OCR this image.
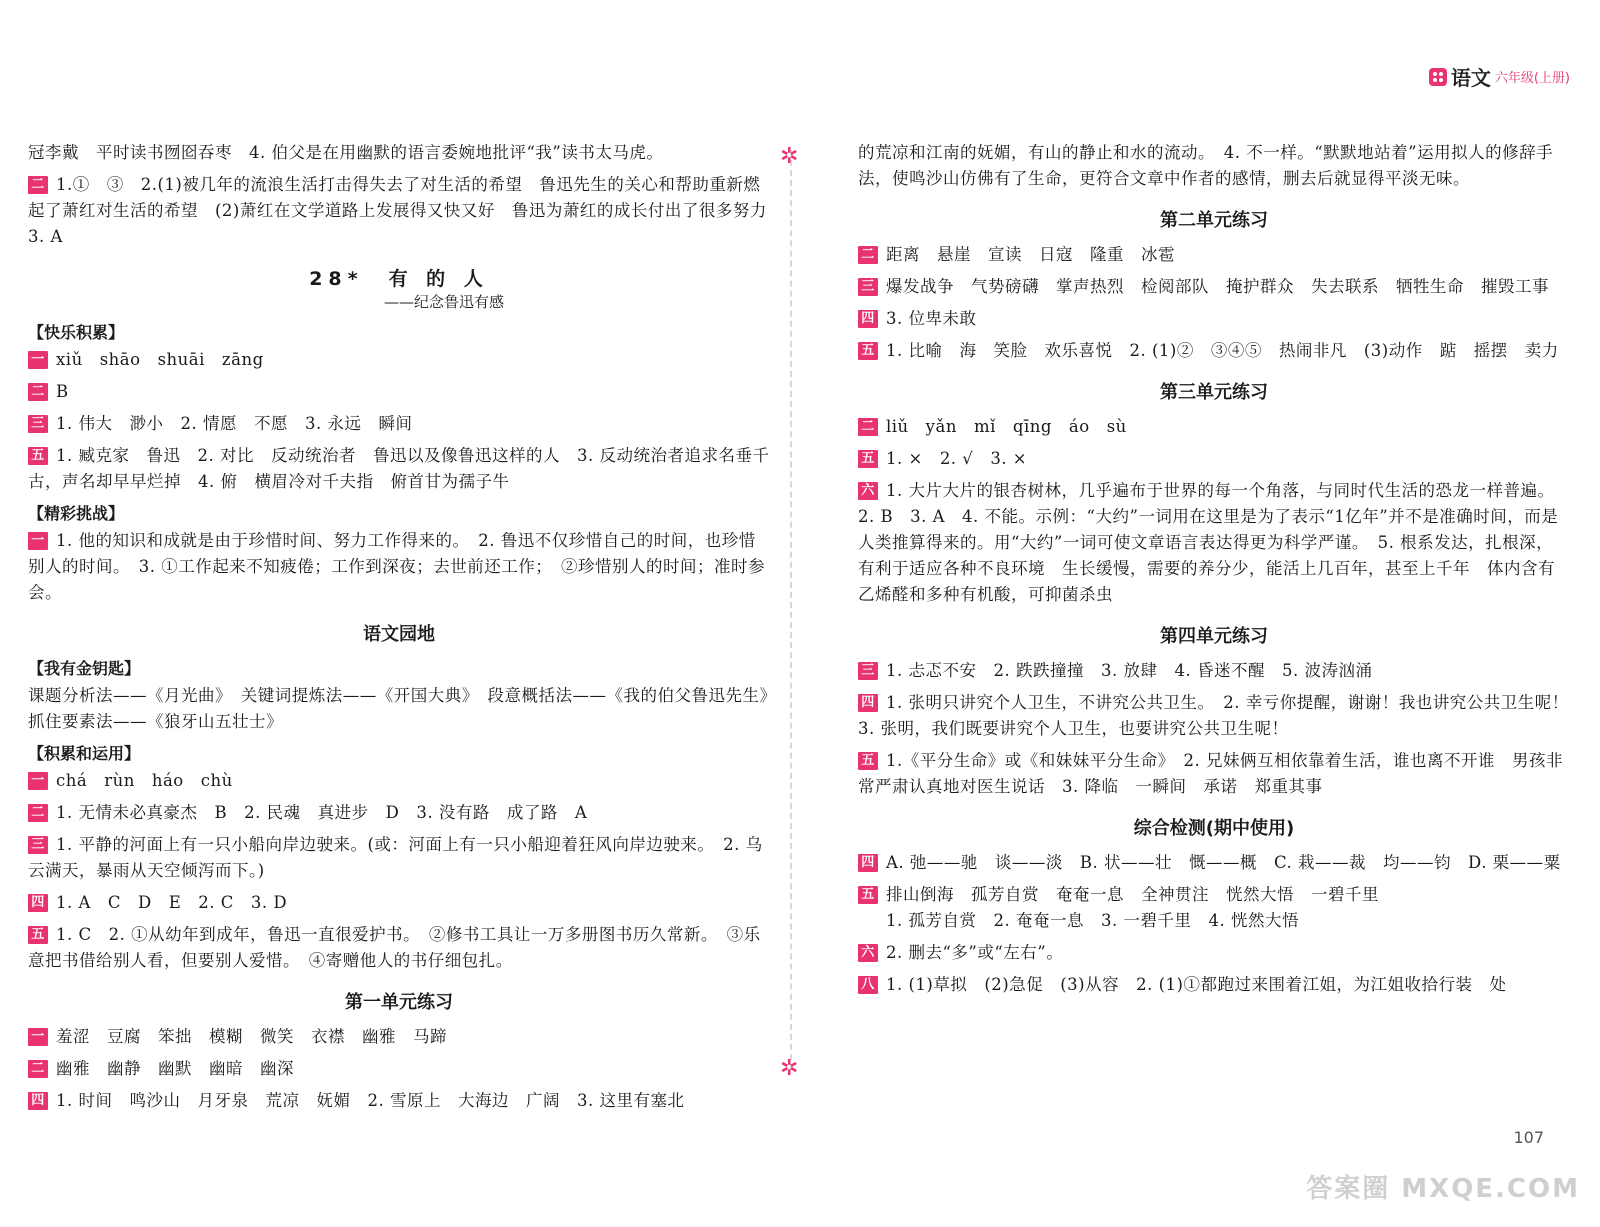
语文 六年级(上册)

冠李戴　平时读书囫囵吞枣　4. 伯父是在用幽默的语言委婉地批评“我”读书太马虎。

二 1.①　③　2.(1)被几年的流浪生活打击得失去了对生活的希望　鲁迅先生的关心和帮助重新燃起了萧红对生活的希望　(2)萧红在文学道路上发展得又快又好　鲁迅为萧红的成长付出了很多努力　3. A

28*　有 的 人
——纪念鲁迅有感
【快乐积累】

一 xiǔ　shāo　shuāi　zāng

二 B

三 1. 伟大　渺小　2. 情愿　不愿　3. 永远　瞬间

五 1. 臧克家　鲁迅　2. 对比　反动统治者　鲁迅以及像鲁迅这样的人　3. 反动统治者追求名垂千古，声名却早早烂掉　4. 俯　横眉冷对千夫指　俯首甘为孺子牛

【精彩挑战】

一 1. 他的知识和成就是由于珍惜时间、努力工作得来的。　2. 鲁迅不仅珍惜自己的时间，也珍惜别人的时间。　3. ①工作起来不知疲倦；工作到深夜；去世前还工作；　②珍惜别人的时间；准时参会。

语文园地
【我有金钥匙】

课题分析法——《月光曲》　关键词提炼法——《开国大典》　段意概括法——《我的伯父鲁迅先生》　抓住要素法——《狼牙山五壮士》

【积累和运用】

一 chá　rùn　háo　chù

二 1. 无情未必真豪杰　B　2. 民魂　真进步　D　3. 没有路　成了路　A

三 1. 平静的河面上有一只小船向岸边驶来。(或：河面上有一只小船迎着狂风向岸边驶来。　2. 乌云满天，暴雨从天空倾泻而下。)

四 1. A　C　D　E　2. C　3. D

五 1. C　2. ①从幼年到成年，鲁迅一直很爱护书。　②修书工具让一万多册图书历久常新。　③乐意把书借给别人看，但要别人爱惜。　④寄赠他人的书仔细包扎。

第一单元练习

一 羞涩　豆腐　笨拙　模糊　微笑　衣襟　幽雅　马蹄

二 幽雅　幽静　幽默　幽暗　幽深

四 1. 时间　鸣沙山　月牙泉　荒凉　妩媚　2. 雪原上　大海边　广阔　3. 这里有塞北

✲
✲

的荒凉和江南的妩媚，有山的静止和水的流动。　4. 不一样。“默默地站着”运用拟人的修辞手法，使鸣沙山仿佛有了生命，更符合文章中作者的感情，删去后就显得平淡无味。

第二单元练习

二 距离　悬崖　宣读　日寇　隆重　冰雹

三 爆发战争　气势磅礴　掌声热烈　检阅部队　掩护群众　失去联系　牺牲生命　摧毁工事

四 3. 位卑未敢

五 1. 比喻　海　笑脸　欢乐喜悦　2. (1)②　③④⑤　热闹非凡　(3)动作　踮　摇摆　卖力

第三单元练习

二 liǔ　yǎn　mǐ　qīng　áo　sù

五 1. ×　2. √　3. ×

六 1. 大片大片的银杏树林，几乎遍布于世界的每一个角落，与同时代生活的恐龙一样普遍。　2. B　3. A　4. 不能。示例：“大约”一词用在这里是为了表示“1亿年”并不是准确时间，而是人类推算得来的。用“大约”一词可使文章语言表达得更为科学严谨。　5. 根系发达，扎根深，有利于适应各种不良环境　生长缓慢，需要的养分少，能活上几百年，甚至上千年　体内含有乙烯醛和多种有机酸，可抑菌杀虫

第四单元练习

三 1. 忐忑不安　2. 跌跌撞撞　3. 放肆　4. 昏迷不醒　5. 波涛汹涌

四 1. 张明只讲究个人卫生，不讲究公共卫生。　2. 幸亏你提醒，谢谢！我也讲究公共卫生呢！　3. 张明，我们既要讲究个人卫生，也要讲究公共卫生呢！

五 1.《平分生命》或《和妹妹平分生命》　2. 兄妹俩互相依靠着生活，谁也离不开谁　男孩非常严肃认真地对医生说话　3. 降临　一瞬间　承诺　郑重其事

综合检测(期中使用)

四 A. 弛——驰　谈——淡　B. 状——壮　慨——概　C. 栽——裁　均——钧　D. 栗——粟

五 排山倒海　孤芳自赏　奄奄一息　全神贯注　恍然大悟　一碧千里
1. 孤芳自赏　2. 奄奄一息　3. 一碧千里　4. 恍然大悟

六 2. 删去“多”或“左右”。

八 1. (1)草拟　(2)急促　(3)从容　2. (1)①都跑过来围着江姐，为江姐收拾行装　处

107
答案圈 MXQE.COM
